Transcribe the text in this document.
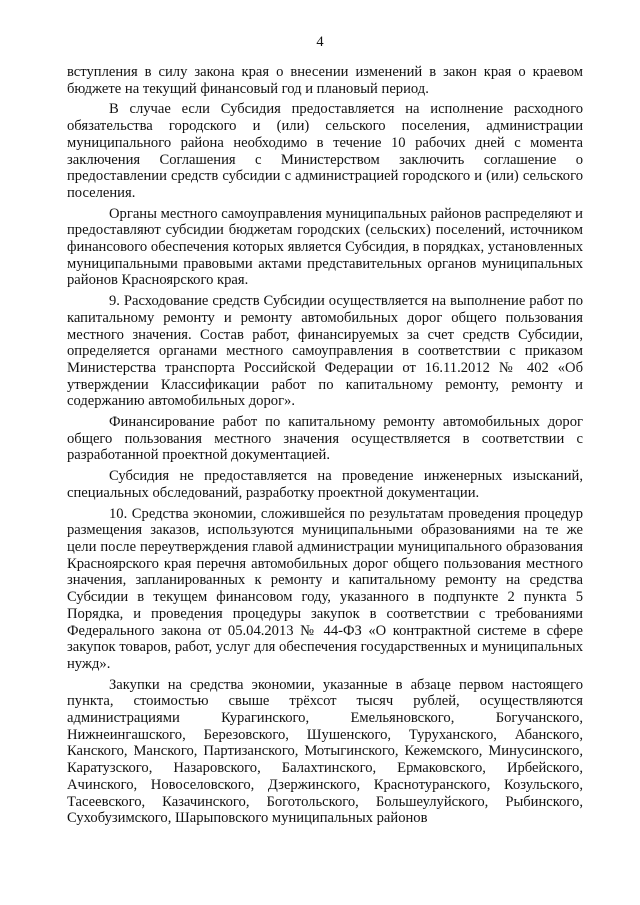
4

вступления в силу закона края о внесении изменений в закон края о краевом бюджете на текущий финансовый год и плановый период.

В случае если Субсидия предоставляется на исполнение расходного обязательства городского и (или) сельского поселения, администрации муниципального района необходимо в течение 10 рабочих дней с момента заключения Соглашения с Министерством заключить соглашение о предоставлении средств субсидии с администрацией городского и (или) сельского поселения.

Органы местного самоуправления муниципальных районов распределяют и предоставляют субсидии бюджетам городских (сельских) поселений, источником финансового обеспечения которых является Субсидия, в порядках, установленных муниципальными правовыми актами представительных органов муниципальных районов Красноярского края.

9. Расходование средств Субсидии осуществляется на выполнение работ по капитальному ремонту и ремонту автомобильных дорог общего пользования местного значения. Состав работ, финансируемых за счет средств Субсидии, определяется органами местного самоуправления в соответствии с приказом Министерства транспорта Российской Федерации от 16.11.2012 № 402 «Об утверждении Классификации работ по капитальному ремонту, ремонту и содержанию автомобильных дорог».

Финансирование работ по капитальному ремонту автомобильных дорог общего пользования местного значения осуществляется в соответствии с разработанной проектной документацией.

Субсидия не предоставляется на проведение инженерных изысканий, специальных обследований, разработку проектной документации.

10. Средства экономии, сложившейся по результатам проведения процедур размещения заказов, используются муниципальными образованиями на те же цели после переутверждения главой администрации муниципального образования Красноярского края перечня автомобильных дорог общего пользования местного значения, запланированных к ремонту и капитальному ремонту на средства Субсидии в текущем финансовом году, указанного в подпункте 2 пункта 5 Порядка, и проведения процедуры закупок в соответствии с требованиями Федерального закона от 05.04.2013 № 44-ФЗ «О контрактной системе в сфере закупок товаров, работ, услуг для обеспечения государственных и муниципальных нужд».

Закупки на средства экономии, указанные в абзаце первом настоящего пункта, стоимостью свыше трёхсот тысяч рублей, осуществляются администрациями Курагинского, Емельяновского, Богучанского, Нижнеингашского, Березовского, Шушенского, Туруханского, Абанского, Канского, Манского, Партизанского, Мотыгинского, Кежемского, Минусинского, Каратузского, Назаровского, Балахтинского, Ермаковского, Ирбейского, Ачинского, Новоселовского, Дзержинского, Краснотуранского, Козульского, Тасеевского, Казачинского, Боготольского, Большеулуйского, Рыбинского, Сухобузимского, Шарыповского муниципальных районов
